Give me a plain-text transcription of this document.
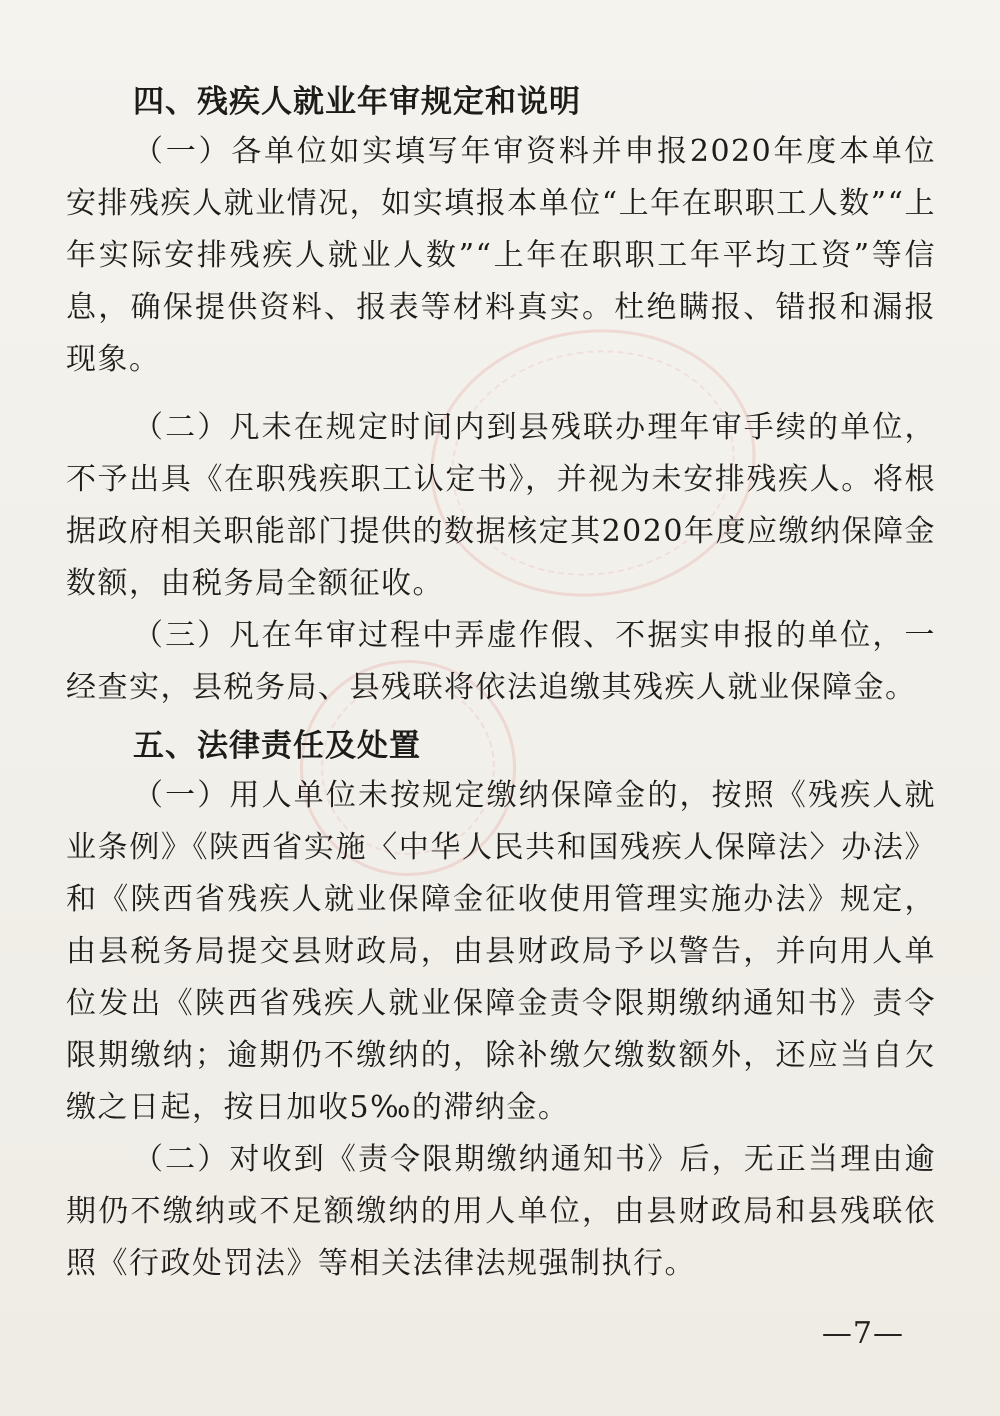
四、残疾人就业年审规定和说明

（一）各单位如实填写年审资料并申报2020年度本单位安排残疾人就业情况，如实填报本单位“上年在职职工人数”“上年实际安排残疾人就业人数”“上年在职职工年平均工资”等信息，确保提供资料、报表等材料真实。杜绝瞒报、错报和漏报现象。

（二）凡未在规定时间内到县残联办理年审手续的单位，不予出具《在职残疾职工认定书》，并视为未安排残疾人。将根据政府相关职能部门提供的数据核定其2020年度应缴纳保障金数额，由税务局全额征收。

（三）凡在年审过程中弄虚作假、不据实申报的单位，一经查实，县税务局、县残联将依法追缴其残疾人就业保障金。

五、法律责任及处置

（一）用人单位未按规定缴纳保障金的，按照《残疾人就业条例》《陕西省实施〈中华人民共和国残疾人保障法〉办法》和《陕西省残疾人就业保障金征收使用管理实施办法》规定，由县税务局提交县财政局，由县财政局予以警告，并向用人单位发出《陕西省残疾人就业保障金责令限期缴纳通知书》责令限期缴纳；逾期仍不缴纳的，除补缴欠缴数额外，还应当自欠缴之日起，按日加收5‰的滞纳金。

（二）对收到《责令限期缴纳通知书》后，无正当理由逾期仍不缴纳或不足额缴纳的用人单位，由县财政局和县残联依照《行政处罚法》等相关法律法规强制执行。

—7—
